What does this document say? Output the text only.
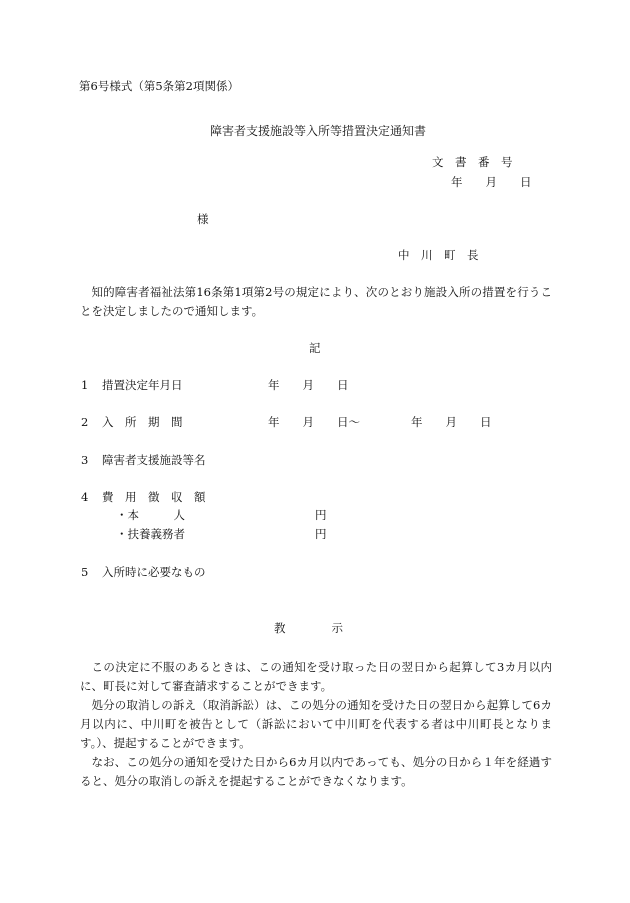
第6号様式（第5条第2項関係）
障害者支援施設等入所等措置決定通知書
文　書　番　号
年　　月　　日
様
中　川　町　長

知的障害者福祉法第16条第1項第2号の規定により、次のとおり施設入所の措置を行うことを決定しましたので通知します。

記
1 措置決定年月日	年　　月　　日
2 入　所　期　間	年　　月　　日〜	年　　月　　日
3 障害者支援施設等名
4 費　用　徴　収　額
・本　　　人	円
・扶養義務者	円
5 入所時に必要なもの
教　　　　示

この決定に不服のあるときは、この通知を受け取った日の翌日から起算して3カ月以内に、町長に対して審査請求することができます。

処分の取消しの訴え（取消訴訟）は、この処分の通知を受けた日の翌日から起算して6カ月以内に、中川町を被告として（訴訟において中川町を代表する者は中川町長となります。）、提起することができます。

なお、この処分の通知を受けた日から6カ月以内であっても、処分の日から１年を経過すると、処分の取消しの訴えを提起することができなくなります。
